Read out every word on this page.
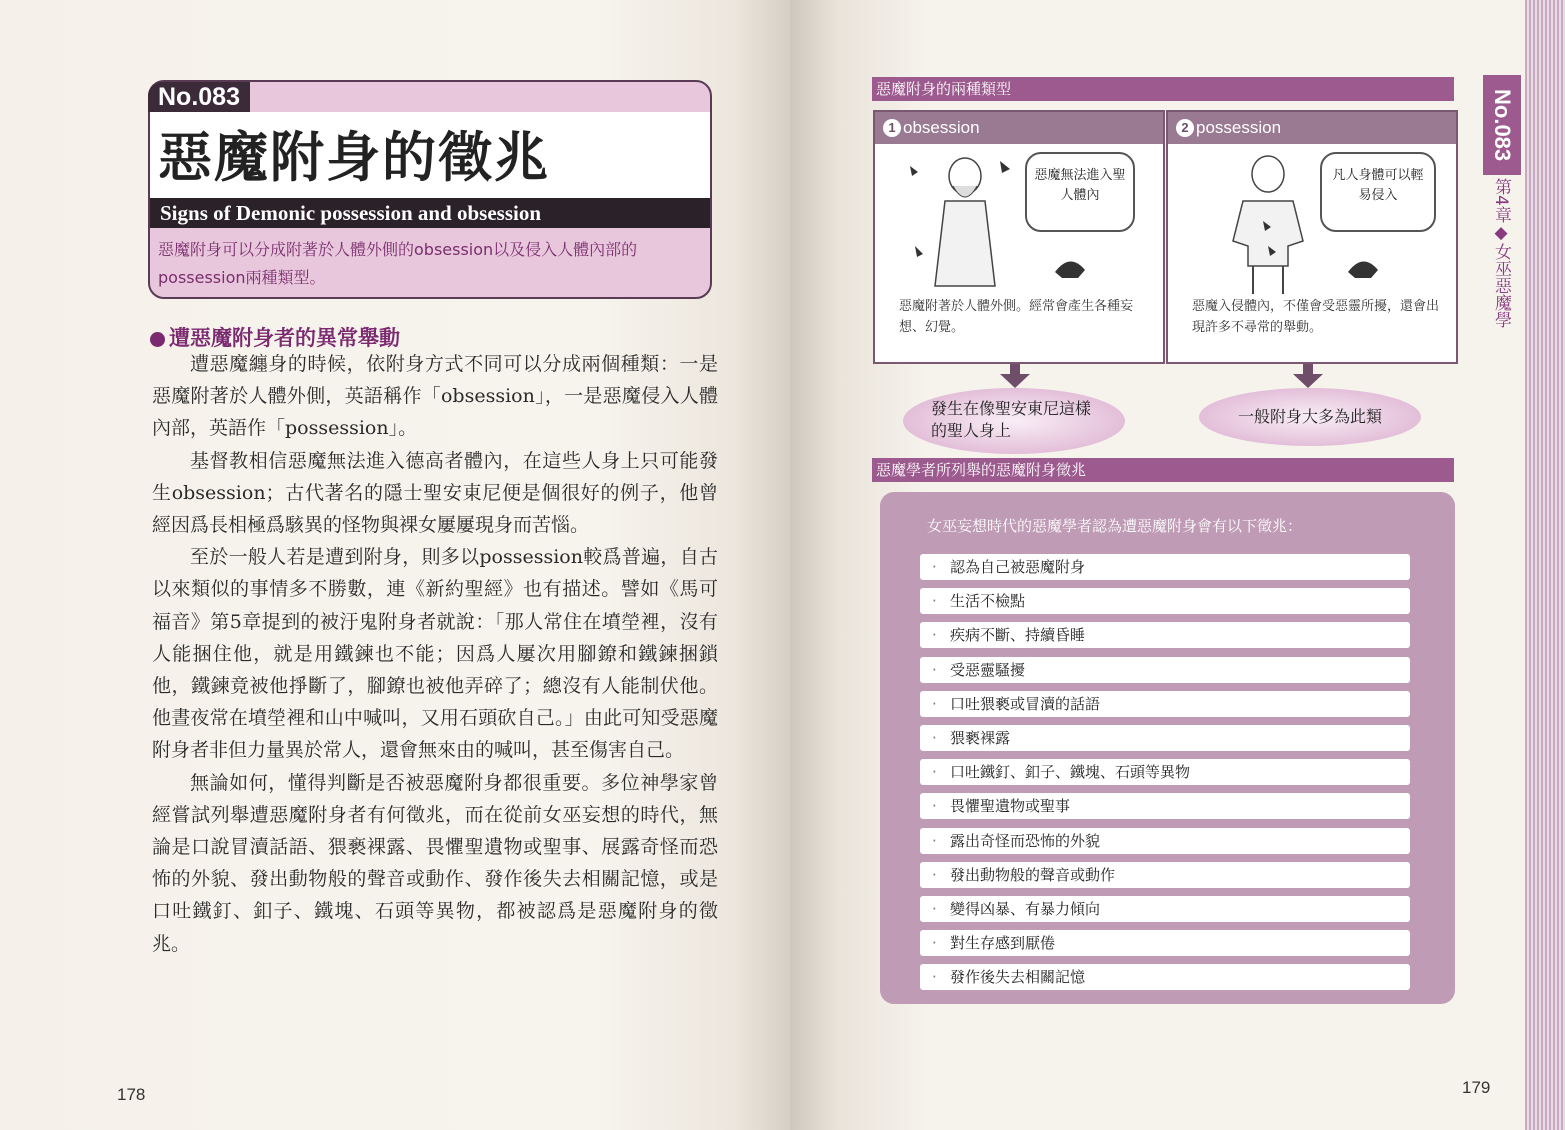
No.083
惡魔附身的徵兆
Signs of Demonic possession and obsession
惡魔附身可以分成附著於人體外側的obsession以及侵入人體內部的possession兩種類型。
遭惡魔附身者的異常舉動

遭惡魔纏身的時候，依附身方式不同可以分成兩個種類：一是惡魔附著於人體外側，英語稱作「obsession」，一是惡魔侵入人體內部，英語作「possession」。

基督教相信惡魔無法進入德高者體內，在這些人身上只可能發生obsession；古代著名的隱士聖安東尼便是個很好的例子，他曾經因爲長相極爲駭異的怪物與裸女屢屢現身而苦惱。

至於一般人若是遭到附身，則多以possession較爲普遍，自古以來類似的事情多不勝數，連《新約聖經》也有描述。譬如《馬可福音》第5章提到的被汙鬼附身者就說：「那人常住在墳塋裡，沒有人能捆住他，就是用鐵鍊也不能；因爲人屢次用腳鐐和鐵鍊捆鎖他，鐵鍊竟被他掙斷了，腳鐐也被他弄碎了；總沒有人能制伏他。他晝夜常在墳塋裡和山中喊叫，又用石頭砍自己。」由此可知受惡魔附身者非但力量異於常人，還會無來由的喊叫，甚至傷害自己。

無論如何，懂得判斷是否被惡魔附身都很重要。多位神學家曾經嘗試列舉遭惡魔附身者有何徵兆，而在從前女巫妄想的時代，無論是口說冒瀆話語、猥褻裸露、畏懼聖遺物或聖事、展露奇怪而恐怖的外貌、發出動物般的聲音或動作、發作後失去相關記憶，或是口吐鐵釘、釦子、鐵塊、石頭等異物，都被認爲是惡魔附身的徵兆。

178
惡魔附身的兩種類型
1 obsession
惡魔無法進入聖人體內
惡魔附著於人體外側。經常會產生各種妄想、幻覺。
2 possession
凡人身體可以輕易侵入
惡魔入侵體內，不僅會受惡靈所擾，還會出現許多不尋常的舉動。
發生在像聖安東尼這樣的聖人身上
一般附身大多為此類
惡魔學者所列舉的惡魔附身徵兆
女巫妄想時代的惡魔學者認為遭惡魔附身會有以下徵兆：
· 認為自己被惡魔附身
· 生活不檢點
· 疾病不斷、持續昏睡
· 受惡靈騷擾
· 口吐猥褻或冒瀆的話語
· 猥褻裸露
· 口吐鐵釘、釦子、鐵塊、石頭等異物
· 畏懼聖遺物或聖事
· 露出奇怪而恐怖的外貌
· 發出動物般的聲音或動作
· 變得凶暴、有暴力傾向
· 對生存感到厭倦
· 發作後失去相關記憶
No.083
第4章◆女巫惡魔學
179
